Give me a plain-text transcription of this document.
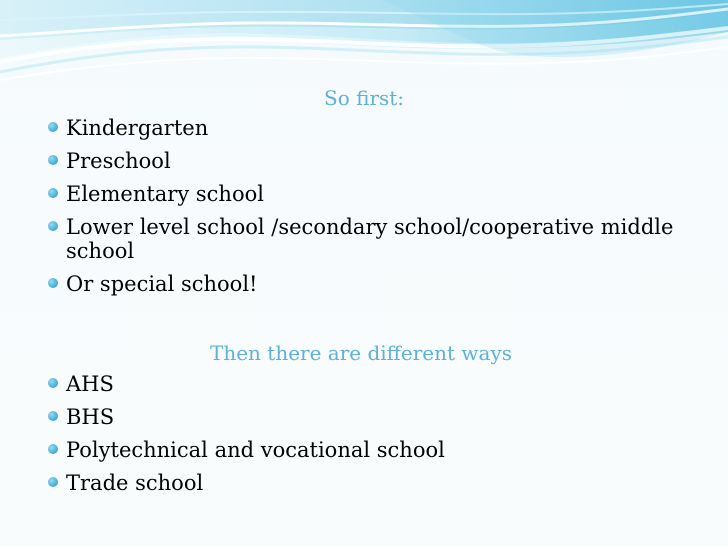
So first:
Kindergarten
Preschool
Elementary school
Lower level school /secondary school/cooperative middle school
Or special school!
Then there are different ways
AHS
BHS
Polytechnical and vocational school
Trade school
